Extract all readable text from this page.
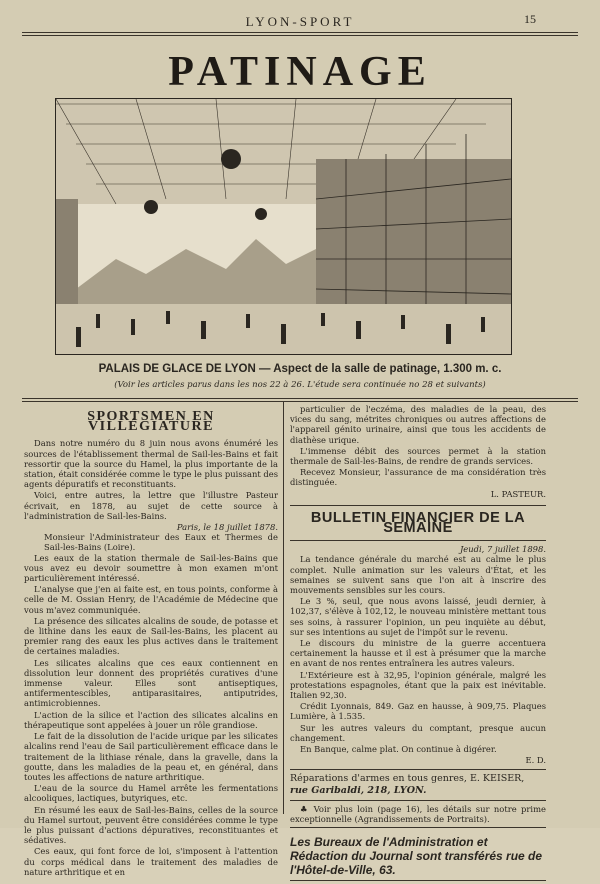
LYON-SPORT	15
PATINAGE
PALAIS DE GLACE DE LYON — Aspect de la salle de patinage, 1.300 m. c.
(Voir les articles parus dans les nos 22 à 26. L'étude sera continuée no 28 et suivants)
SPORTSMEN EN VILLÉGIATURE

Dans notre numéro du 8 juin nous avons énuméré les sources de l'établissement thermal de Sail-les-Bains et fait ressortir que la source du Hamel, la plus importante de la station, était considérée comme le type le plus puissant des agents dépuratifs et reconstituants.

Voici, entre autres, la lettre que l'illustre Pasteur écrivait, en 1878, au sujet de cette source à l'administration de Sail-les-Bains.

Paris, le 18 juillet 1878.
Monsieur l'Administrateur des Eaux et Thermes de Sail-les-Bains (Loire).

Les eaux de la station thermale de Sail-les-Bains que vous avez eu devoir soumettre à mon examen m'ont particulièrement intéressé.

L'analyse que j'en ai faite est, en tous points, conforme à celle de M. Ossian Henry, de l'Académie de Médecine que vous m'avez communiquée.

La présence des silicates alcalins de soude, de potasse et de lithine dans les eaux de Sail-les-Bains, les placent au premier rang des eaux les plus actives dans le traitement de certaines maladies.

Les silicates alcalins que ces eaux contiennent en dissolution leur donnent des propriétés curatives d'une immense valeur. Elles sont antiseptiques, antifermentescibles, antiparasitaires, antiputrides, antimicrobiennes.

L'action de la silice et l'action des silicates alcalins en thérapeutique sont appelées à jouer un rôle grandiose.

Le fait de la dissolution de l'acide urique par les silicates alcalins rend l'eau de Sail particulièrement efficace dans le traitement de la lithiase rénale, dans la gravelle, dans la goutte, dans les maladies de la peau et, en général, dans toutes les affections de nature arthritique.

L'eau de la source du Hamel arrête les fermentations alcooliques, lactiques, butyriques, etc.

En résumé les eaux de Sail-les-Bains, celles de la source du Hamel surtout, peuvent être considérées comme le type le plus puissant d'actions dépuratives, reconstituantes et sédatives.

Ces eaux, qui font force de loi, s'imposent à l'attention du corps médical dans le traitement des maladies de nature arthritique et en

particulier de l'eczéma, des maladies de la peau, des vices du sang, métrites chroniques ou autres affections de l'appareil génito urinaire, ainsi que tous les accidents de diathèse urique.

L'immense débit des sources permet à la station thermale de Sail-les-Bains, de rendre de grands services.

Recevez Monsieur, l'assurance de ma considération très distinguée.

L. PASTEUR.
BULLETIN FINANCIER DE LA SEMAINE
Jeudi, 7 juillet 1898.

La tendance générale du marché est au calme le plus complet. Nulle animation sur les valeurs d'État, et les semaines se suivent sans que l'on ait à inscrire des mouvements sensibles sur les cours.

Le 3 %, seul, que nous avons laissé, jeudi dernier, à 102,37, s'élève à 102,12, le nouveau ministère mettant tous ses soins, à rassurer l'opinion, un peu inquiète au début, sur ses intentions au sujet de l'impôt sur le revenu.

Le discours du ministre de la guerre accentuera certainement la hausse et il est à présumer que la marche en avant de nos rentes entraînera les autres valeurs.

L'Extérieure est à 32,95, l'opinion générale, malgré les protestations espagnoles, étant que la paix est inévitable. Italien 92,30.

Crédit Lyonnais, 849. Gaz en hausse, à 909,75. Plaques Lumière, à 1.535.

Sur les autres valeurs du comptant, presque aucun changement.

En Banque, calme plat. On continue à digérer.

E. D.
Réparations d'armes en tous genres, E. KEISER,
rue Garibaldi, 218, LYON.

♣ Voir plus loin (page 16), les détails sur notre prime exceptionnelle (Agrandissements de Portraits).

Les Bureaux de l'Administration et Rédaction du Journal sont transférés rue de l'Hôtel-de-Ville, 63.
